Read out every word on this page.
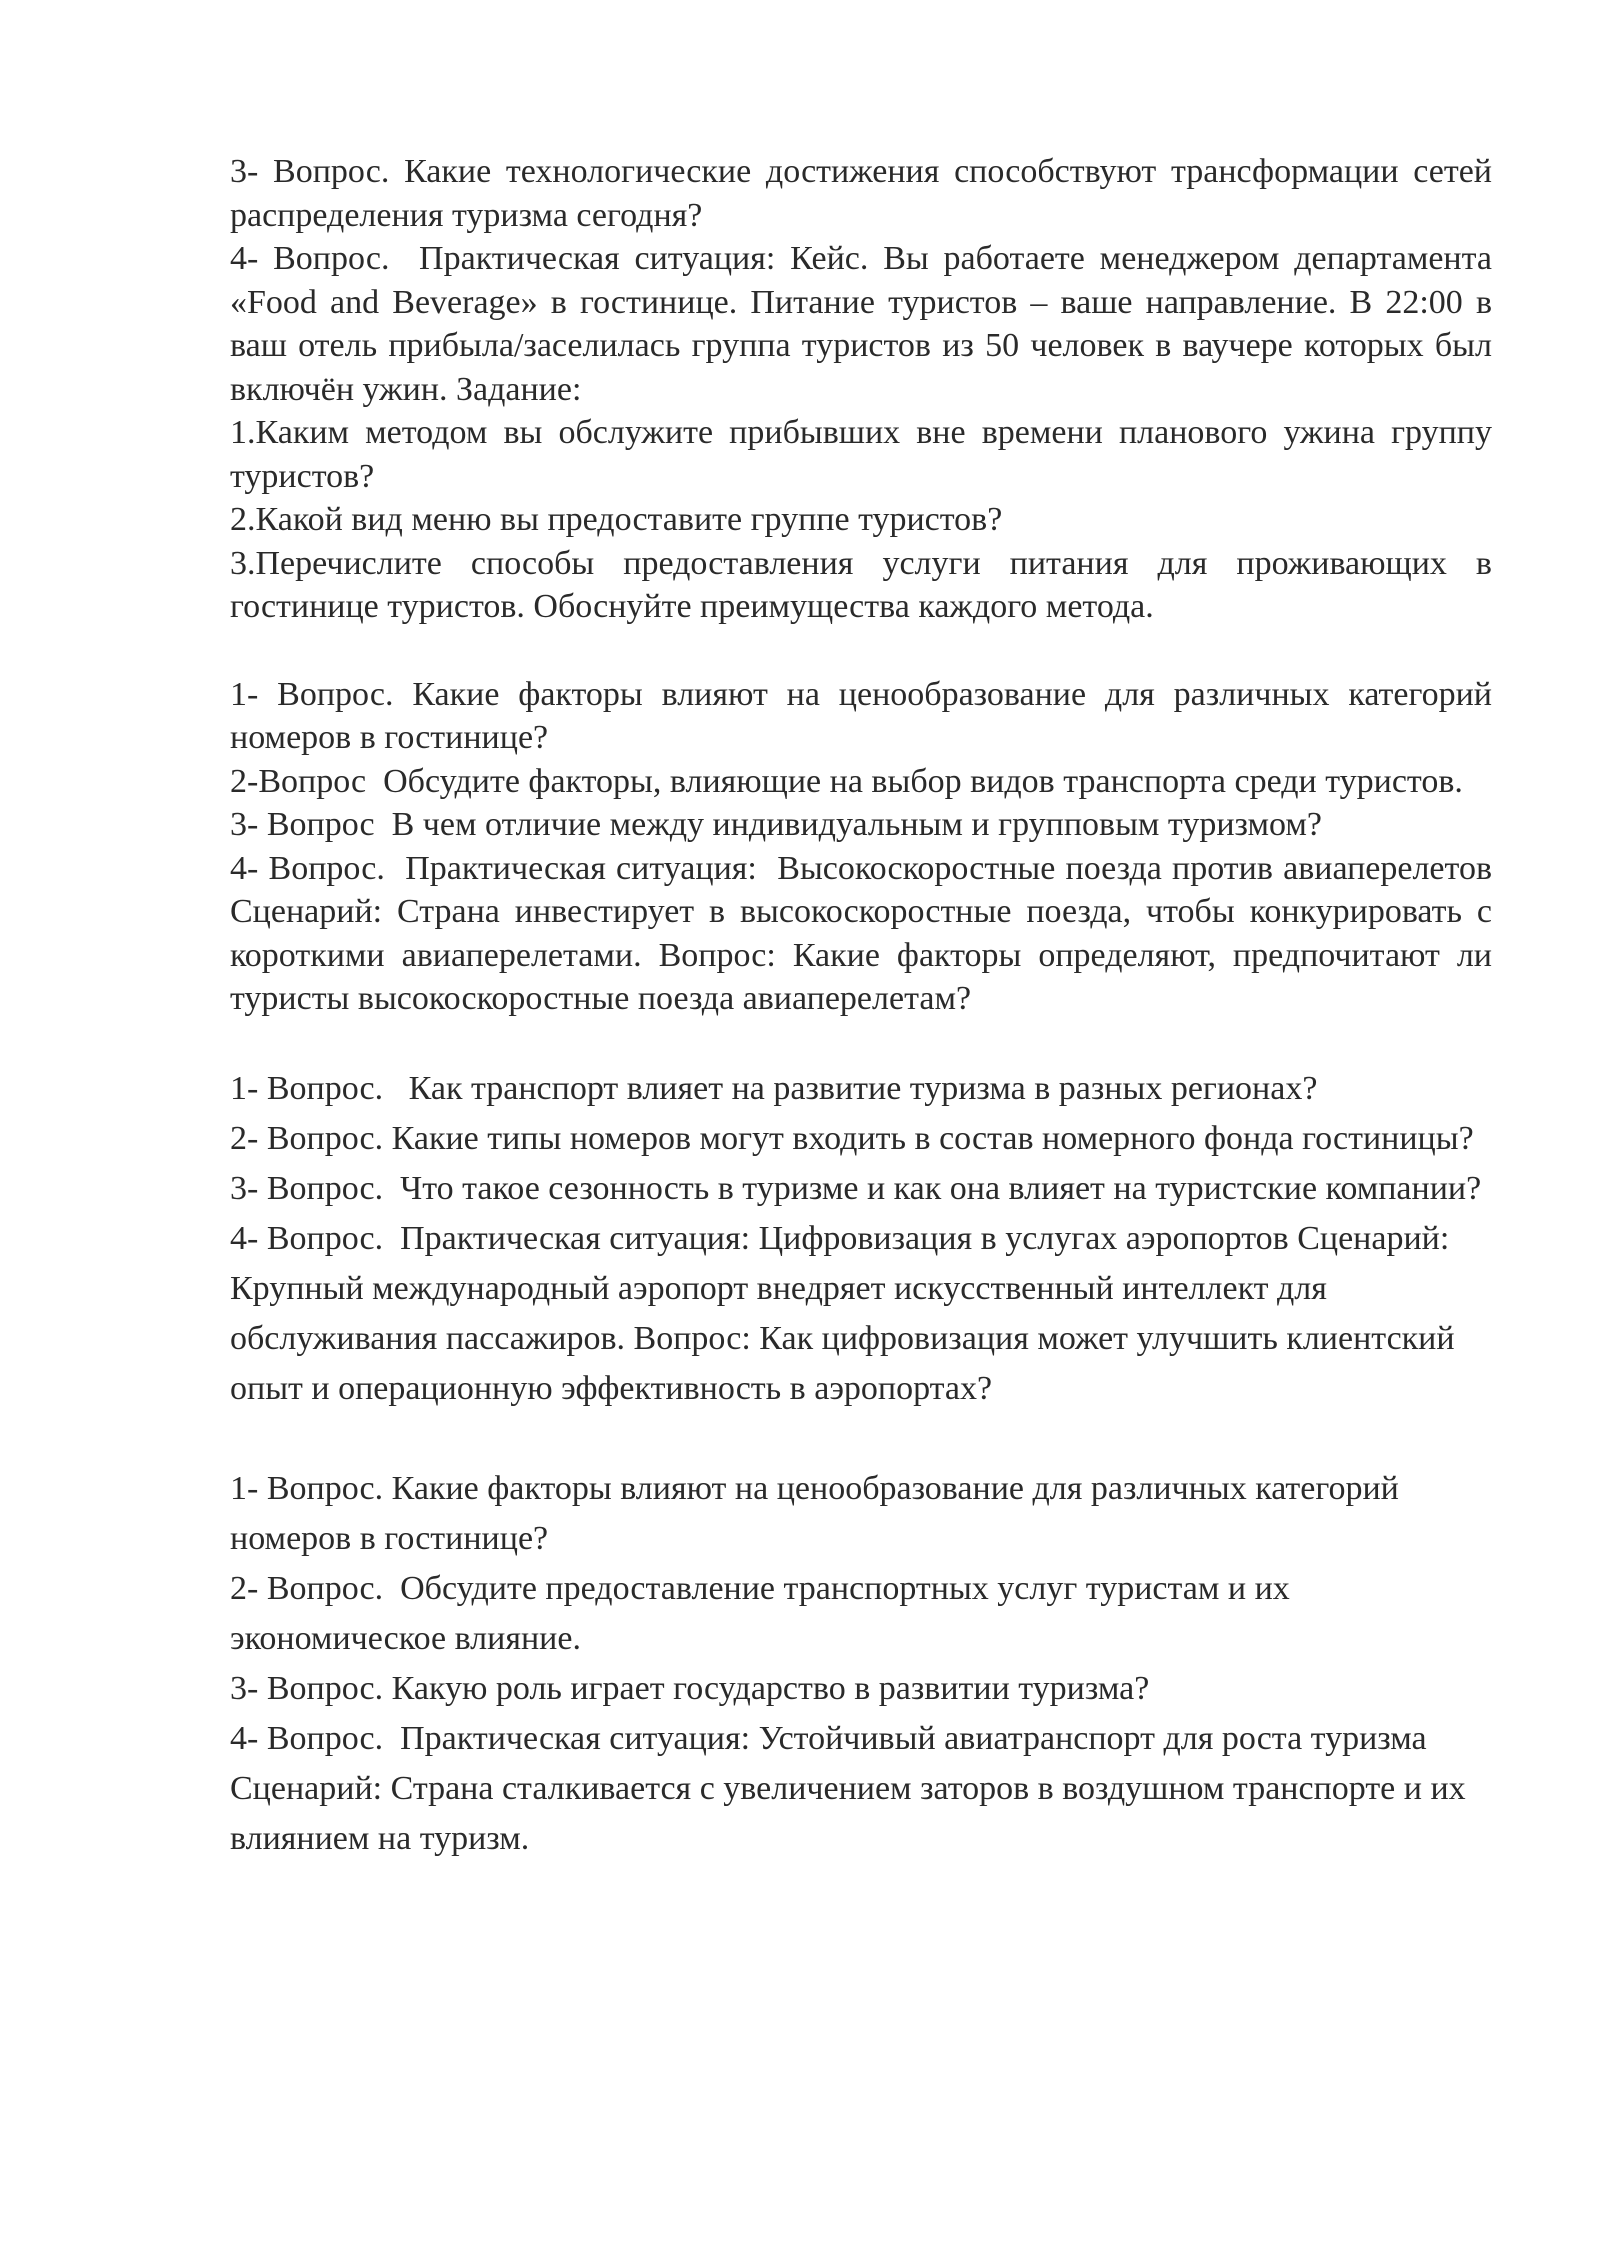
3- Вопрос. Какие технологические достижения способствуют трансформации сетей распределения туризма сегодня?

4- Вопрос.  Практическая ситуация: Кейс. Вы работаете менеджером департамента «Food and Beverage» в гостинице. Питание туристов – ваше направление. В 22:00 в ваш отель прибыла/заселилась группа туристов из 50 человек в ваучере которых был включён ужин. Задание:

1.Каким методом вы обслужите прибывших вне времени планового ужина группу туристов?

2.Какой вид меню вы предоставите группе туристов?

3.Перечислите способы предоставления услуги питания для проживающих в гостинице туристов. Обоснуйте преимущества каждого метода.

1- Вопрос. Какие факторы влияют на ценообразование для различных категорий номеров в гостинице?

2-Вопрос  Обсудите факторы, влияющие на выбор видов транспорта среди туристов.

3- Вопрос  В чем отличие между индивидуальным и групповым туризмом?

4- Вопрос.  Практическая ситуация:  Высокоскоростные поезда против авиаперелетов Сценарий: Страна инвестирует в высокоскоростные поезда, чтобы конкурировать с короткими авиаперелетами. Вопрос: Какие факторы определяют, предпочитают ли туристы высокоскоростные поезда авиаперелетам?

1- Вопрос.   Как транспорт влияет на развитие туризма в разных регионах?

2- Вопрос. Какие типы номеров могут входить в состав номерного фонда гостиницы?

3- Вопрос.  Что такое сезонность в туризме и как она влияет на туристские компании?

4- Вопрос.  Практическая ситуация: Цифровизация в услугах аэропортов Сценарий: Крупный международный аэропорт внедряет искусственный интеллект для обслуживания пассажиров. Вопрос: Как цифровизация может улучшить клиентский опыт и операционную эффективность в аэропортах?

1- Вопрос. Какие факторы влияют на ценообразование для различных категорий номеров в гостинице?

2- Вопрос.  Обсудите предоставление транспортных услуг туристам и их экономическое влияние.

3- Вопрос. Какую роль играет государство в развитии туризма?

4- Вопрос.  Практическая ситуация: Устойчивый авиатранспорт для роста туризма Сценарий: Страна сталкивается с увеличением заторов в воздушном транспорте и их влиянием на туризм.
